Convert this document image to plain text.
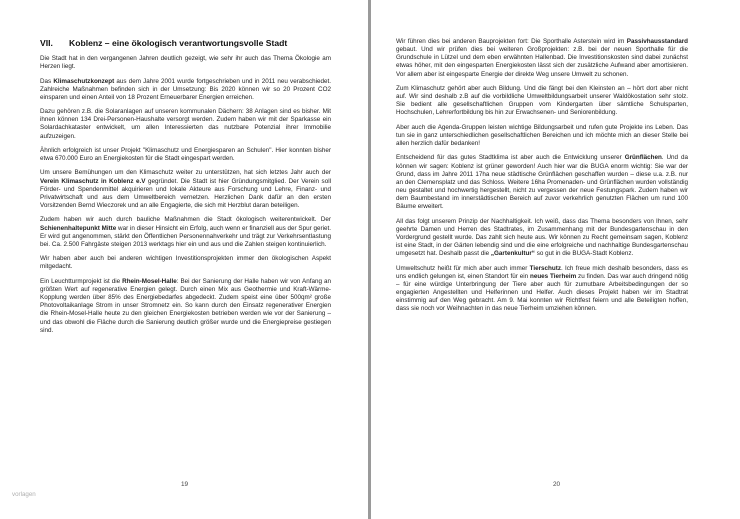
VII. Koblenz – eine ökologisch verantwortungsvolle Stadt

Die Stadt hat in den vergangenen Jahren deutlich gezeigt, wie sehr ihr auch das Thema Ökologie am Herzen liegt.

Das Klimaschutzkonzept aus dem Jahre 2001 wurde fortgeschrieben und in 2011 neu verabschiedet. Zahlreiche Maßnahmen befinden sich in der Umsetzung: Bis 2020 können wir so 20 Prozent CO2 einsparen und einen Anteil von 18 Prozent Erneuerbarer Energien erreichen.

Dazu gehören z.B. die Solaranlagen auf unseren kommunalen Dächern: 38 Anlagen sind es bisher. Mit ihnen können 134 Drei-Personen-Haushalte versorgt werden. Zudem haben wir mit der Sparkasse ein Solardachkataster entwickelt, um allen Interessierten das nutzbare Potenzial ihrer Immobilie aufzuzeigen.

Ähnlich erfolgreich ist unser Projekt "Klimaschutz und Energiesparen an Schulen". Hier konnten bisher etwa 670.000 Euro an Energiekosten für die Stadt eingespart werden.

Um unsere Bemühungen um den Klimaschutz weiter zu unterstützen, hat sich letztes Jahr auch der Verein Klimaschutz in Koblenz e.V gegründet. Die Stadt ist hier Gründungsmitglied. Der Verein soll Förder- und Spendenmittel akquirieren und lokale Akteure aus Forschung und Lehre, Finanz- und Privatwirtschaft und aus dem Umweltbereich vernetzen. Herzlichen Dank dafür an den ersten Vorsitzenden Bernd Wieczorek und an alle Engagierte, die sich mit Herzblut daran beteiligen.

Zudem haben wir auch durch bauliche Maßnahmen die Stadt ökologisch weiterentwickelt. Der Schienenhaltepunkt Mitte war in dieser Hinsicht ein Erfolg, auch wenn er finanziell aus der Spur geriet. Er wird gut angenommen, stärkt den Öffentlichen Personennahverkehr und trägt zur Verkehrsentlastung bei. Ca. 2.500 Fahrgäste steigen 2013 werktags hier ein und aus und die Zahlen steigen kontinuierlich.

Wir haben aber auch bei anderen wichtigen Investitionsprojekten immer den ökologischen Aspekt mitgedacht.

Ein Leuchtturmprojekt ist die Rhein-Mosel-Halle: Bei der Sanierung der Halle haben wir von Anfang an größten Wert auf regenerative Energien gelegt. Durch einen Mix aus Geothermie und Kraft-Wärme-Kopplung werden über 85% des Energiebedarfes abgedeckt. Zudem speist eine über 500qm² große Photovoltaikanlage Strom in unser Stromnetz ein. So kann durch den Einsatz regenerativer Energien die Rhein-Mosel-Halle heute zu den gleichen Energiekosten betrieben werden wie vor der Sanierung – und das obwohl die Fläche durch die Sanierung deutlich größer wurde und die Energiepreise gestiegen sind.

19
vorlagen

Wir führen dies bei anderen Bauprojekten fort: Die Sporthalle Asterstein wird im Passivhausstandard gebaut. Und wir prüfen dies bei weiteren Großprojekten: z.B. bei der neuen Sporthalle für die Grundschule in Lützel und dem eben erwähnten Hallenbad. Die Investitionskosten sind dabei zunächst etwas höher, mit den eingesparten Energiekosten lässt sich der zusätzliche Aufwand aber amortisieren. Vor allem aber ist eingesparte Energie der direkte Weg unsere Umwelt zu schonen.

Zum Klimaschutz gehört aber auch Bildung. Und die fängt bei den Kleinsten an – hört dort aber nicht auf. Wir sind deshalb z.B auf die vorbildliche Umweltbildungsarbeit unserer Waldökostation sehr stolz. Sie bedient alle gesellschaftlichen Gruppen vom Kindergarten über sämtliche Schulsparten, Hochschulen, Lehrerfortbildung bis hin zur Erwachsenen- und Seniorenbildung.

Aber auch die Agenda-Gruppen leisten wichtige Bildungsarbeit und rufen gute Projekte ins Leben. Das tun sie in ganz unterschiedlichen gesellschaftlichen Bereichen und ich möchte mich an dieser Stelle bei allen herzlich dafür bedanken!

Entscheidend für das gutes Stadtklima ist aber auch die Entwicklung unserer Grünflächen. Und da können wir sagen: Koblenz ist grüner geworden! Auch hier war die BUGA enorm wichtig: Sie war der Grund, dass im Jahre 2011 17ha neue städtische Grünflächen geschaffen wurden – diese u.a. z.B. nur an den Clemensplatz und das Schloss. Weitere 16ha Promenaden- und Grünflächen wurden vollständig neu gestaltet und hochwertig hergestellt, nicht zu vergessen der neue Festungspark. Zudem haben wir dem Baumbestand im innerstädtischen Bereich auf zuvor verkehrlich genutzten Flächen um rund 100 Bäume erweitert.

All das folgt unserem Prinzip der Nachhaltigkeit. Ich weiß, dass das Thema besonders von Ihnen, sehr geehrte Damen und Herren des Stadtrates, im Zusammenhang mit der Bundesgartenschau in den Vordergrund gestellt wurde. Das zahlt sich heute aus. Wir können zu Recht gemeinsam sagen, Koblenz ist eine Stadt, in der Gärten lebendig sind und die eine erfolgreiche und nachhaltige Bundesgartenschau umgesetzt hat. Deshalb passt die „Gartenkultur“ so gut in die BUGA-Stadt Koblenz.

Umweltschutz heißt für mich aber auch immer Tierschutz. Ich freue mich deshalb besonders, dass es uns endlich gelungen ist, einen Standort für ein neues Tierheim zu finden. Das war auch dringend nötig – für eine würdige Unterbringung der Tiere aber auch für zumutbare Arbeitsbedingungen der so engagierten Angestellten und Helferinnen und Helfer. Auch dieses Projekt haben wir im Stadtrat einstimmig auf den Weg gebracht. Am 9. Mai konnten wir Richtfest feiern und alle Beteiligten hoffen, dass sie noch vor Weihnachten in das neue Tierheim umziehen können.

20
